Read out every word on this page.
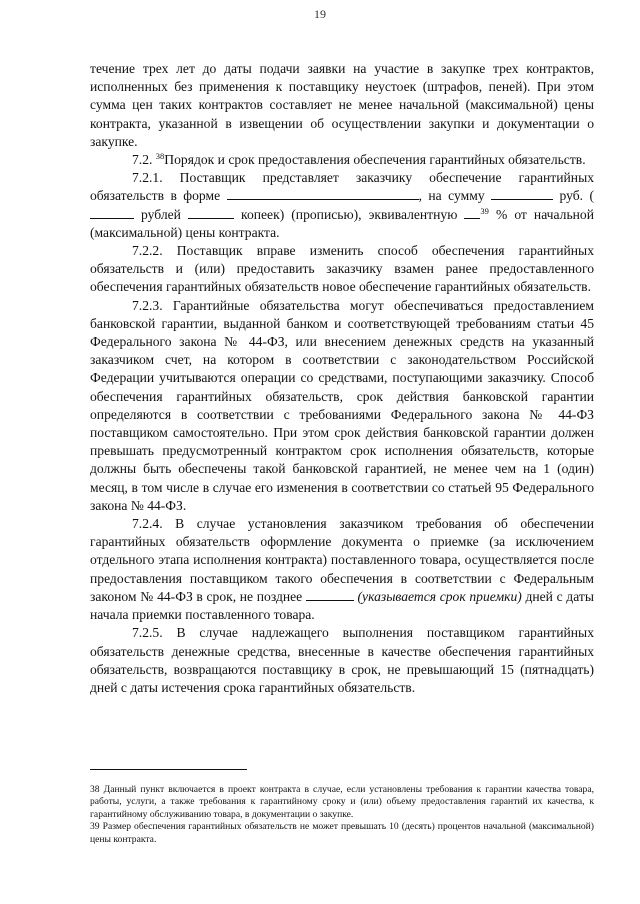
19

течение трех лет до даты подачи заявки на участие в закупке трех контрактов, исполненных без применения к поставщику неустоек (штрафов, пеней). При этом сумма цен таких контрактов составляет не менее начальной (максимальной) цены контракта, указанной в извещении об осуществлении закупки и документации о закупке.

7.2. $^{38}$Порядок и срок предоставления обеспечения гарантийных обязательств.

7.2.1. Поставщик представляет заказчику обеспечение гарантийных обязательств в форме	, на сумму	руб. ( рублей	копеек) (прописью), эквивалентную $^{39}$ % от начальной (максимальной) цены контракта.

7.2.2. Поставщик вправе изменить способ обеспечения гарантийных обязательств и (или) предоставить заказчику взамен ранее предоставленного обеспечения гарантийных обязательств новое обеспечение гарантийных обязательств.

7.2.3. Гарантийные обязательства могут обеспечиваться предоставлением банковской гарантии, выданной банком и соответствующей требованиям статьи 45 Федерального закона № 44-ФЗ, или внесением денежных средств на указанный заказчиком счет, на котором в соответствии с законодательством Российской Федерации учитываются операции со средствами, поступающими заказчику. Способ обеспечения гарантийных обязательств, срок действия банковской гарантии определяются в соответствии с требованиями Федерального закона № 44-ФЗ поставщиком самостоятельно. При этом срок действия банковской гарантии должен превышать предусмотренный контрактом срок исполнения обязательств, которые должны быть обеспечены такой банковской гарантией, не менее чем на 1 (один) месяц, в том числе в случае его изменения в соответствии со статьей 95 Федерального закона № 44-ФЗ.

7.2.4. В случае установления заказчиком требования об обеспечении гарантийных обязательств оформление документа о приемке (за исключением отдельного этапа исполнения контракта) поставленного товара, осуществляется после предоставления поставщиком такого обеспечения в соответствии с Федеральным законом № 44-ФЗ в срок, не позднее	(указывается срок приемки) дней с даты начала приемки поставленного товара.

7.2.5. В случае надлежащего выполнения поставщиком гарантийных обязательств денежные средства, внесенные в качестве обеспечения гарантийных обязательств, возвращаются поставщику в срок, не превышающий 15 (пятнадцать) дней с даты истечения срока гарантийных обязательств.

38 Данный пункт включается в проект контракта в случае, если установлены требования к гарантии качества товара, работы, услуги, а также требования к гарантийному сроку и (или) объему предоставления гарантий их качества, к гарантийному обслуживанию товара, в документации о закупке.

39 Размер обеспечения гарантийных обязательств не может превышать 10 (десять) процентов начальной (максимальной) цены контракта.
